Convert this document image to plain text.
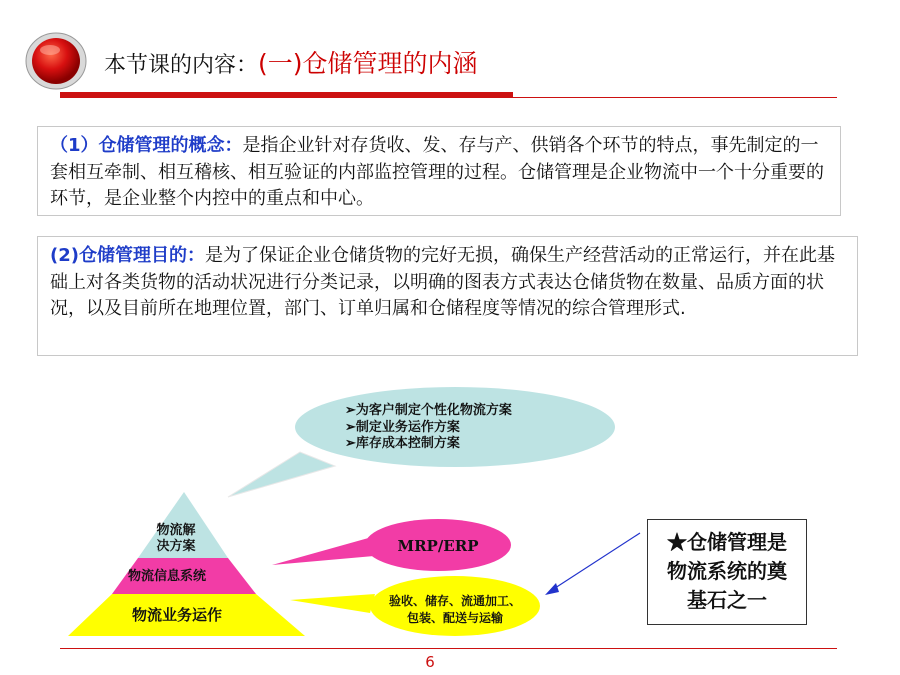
本节课的内容：(一)仓储管理的内涵
（1）仓储管理的概念：是指企业针对存货收、发、存与产、供销各个环节的特点，事先制定的一套相互牵制、相互稽核、相互验证的内部监控管理的过程。仓储管理是企业物流中一个十分重要的环节，是企业整个内控中的重点和中心。
(2)仓储管理目的：是为了保证企业仓储货物的完好无损，确保生产经营活动的正常运行，并在此基础上对各类货物的活动状况进行分类记录，以明确的图表方式表达仓储货物在数量、品质方面的状况，以及目前所在地理位置，部门、订单归属和仓储程度等情况的综合管理形式.
➢为客户制定个性化物流方案
➢制定业务运作方案
➢库存成本控制方案
物流解
决方案
物流信息系统
物流业务运作
MRP/ERP
验收、储存、流通加工、
包装、配送与运输
★仓储管理是
物流系统的奠
基石之一
6
